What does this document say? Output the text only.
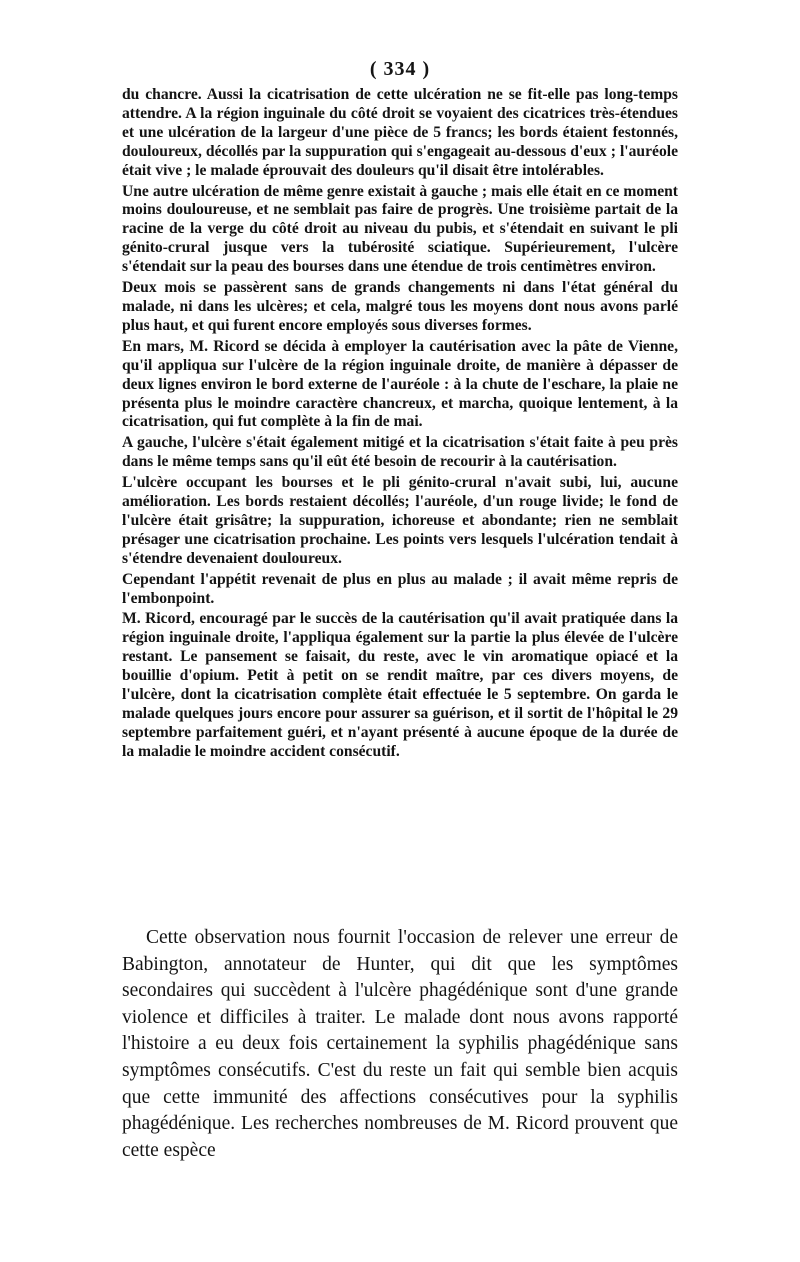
( 334 )

du chancre. Aussi la cicatrisation de cette ulcération ne se fit-elle pas long-temps attendre. A la région inguinale du côté droit se voyaient des cicatrices très-étendues et une ulcération de la largeur d'une pièce de 5 francs; les bords étaient festonnés, douloureux, décollés par la suppuration qui s'engageait au-dessous d'eux ; l'auréole était vive ; le malade éprouvait des douleurs qu'il disait être intolérables.

Une autre ulcération de même genre existait à gauche ; mais elle était en ce moment moins douloureuse, et ne semblait pas faire de progrès. Une troisième partait de la racine de la verge du côté droit au niveau du pubis, et s'étendait en suivant le pli génito-crural jusque vers la tubérosité sciatique. Supérieurement, l'ulcère s'étendait sur la peau des bourses dans une étendue de trois centimètres environ.

Deux mois se passèrent sans de grands changements ni dans l'état général du malade, ni dans les ulcères; et cela, malgré tous les moyens dont nous avons parlé plus haut, et qui furent encore employés sous diverses formes.

En mars, M. Ricord se décida à employer la cautérisation avec la pâte de Vienne, qu'il appliqua sur l'ulcère de la région inguinale droite, de manière à dépasser de deux lignes environ le bord externe de l'auréole : à la chute de l'eschare, la plaie ne présenta plus le moindre caractère chancreux, et marcha, quoique lentement, à la cicatrisation, qui fut complète à la fin de mai.

A gauche, l'ulcère s'était également mitigé et la cicatrisation s'était faite à peu près dans le même temps sans qu'il eût été besoin de recourir à la cautérisation.

L'ulcère occupant les bourses et le pli génito-crural n'avait subi, lui, aucune amélioration. Les bords restaient décollés; l'auréole, d'un rouge livide; le fond de l'ulcère était grisâtre; la suppuration, ichoreuse et abondante; rien ne semblait présager une cicatrisation prochaine. Les points vers lesquels l'ulcération tendait à s'étendre devenaient douloureux.

Cependant l'appétit revenait de plus en plus au malade ; il avait même repris de l'embonpoint.

M. Ricord, encouragé par le succès de la cautérisation qu'il avait pratiquée dans la région inguinale droite, l'appliqua également sur la partie la plus élevée de l'ulcère restant. Le pansement se faisait, du reste, avec le vin aromatique opiacé et la bouillie d'opium. Petit à petit on se rendit maître, par ces divers moyens, de l'ulcère, dont la cicatrisation complète était effectuée le 5 septembre. On garda le malade quelques jours encore pour assurer sa guérison, et il sortit de l'hôpital le 29 septembre parfaitement guéri, et n'ayant présenté à aucune époque de la durée de la maladie le moindre accident consécutif.

Cette observation nous fournit l'occasion de relever une erreur de Babington, annotateur de Hunter, qui dit que les symptômes secondaires qui succèdent à l'ulcère phagédénique sont d'une grande violence et difficiles à traiter. Le malade dont nous avons rapporté l'histoire a eu deux fois certainement la syphilis phagédénique sans symptômes consécutifs. C'est du reste un fait qui semble bien acquis que cette immunité des affections consécutives pour la syphilis phagédénique. Les recherches nombreuses de M. Ricord prouvent que cette espèce
